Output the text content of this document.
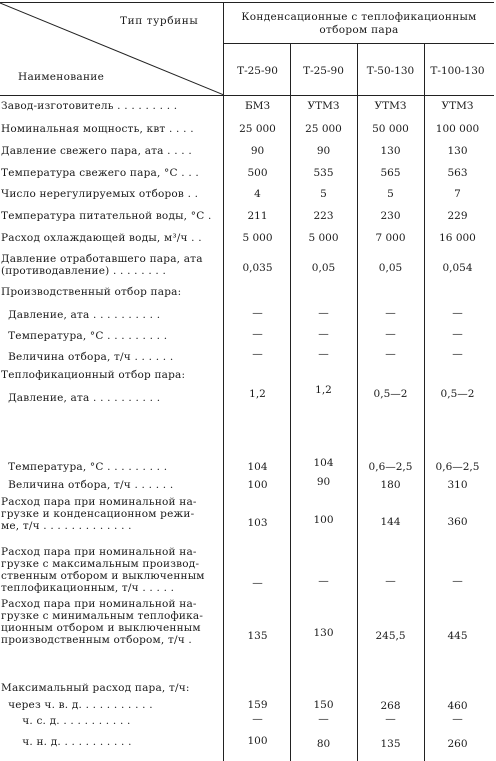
Тип турбины
Наименование
Конденсационные с теплофикационным
отбором пара
Т-25-90	Т-25-90	Т-50-130	Т-100-130
Завод-изготовитель . . . . . . . . .	БМЗ	УТМЗ	УТМЗ	УТМЗ
Номинальная мощность, квт . . . .	25 000	25 000	50 000	100 000
Давление свежего пара, ата . . . .	90	90	130	130
Температура свежего пара, °С . . .	500	535	565	563
Число нерегулируемых отборов . .	4	5	5	7
Температура питательной воды, °С .	211	223	230	229
Расход охлаждающей воды, м³/ч . .	5 000	5 000	7 000	16 000
Давление отработавшего пара, ата
(противодавление) . . . . . . . .	0,035	0,05	0,05	0,054
Производственный отбор пара:
Давление, ата . . . . . . . . . .	—	—	—	—
Температура, °С . . . . . . . . .	—	—	—	—
Величина отбора, т/ч . . . . . .	—	—	—	—
Теплофикационный отбор пара:
Давление, ата . . . . . . . . . .	1,2	1,2	0,5—2	0,5—2
Температура, °С . . . . . . . . .	104	104	0,6—2,5	0,6—2,5
Величина отбора, т/ч . . . . . .	100	90	180	310
Расход пара при номинальной на-
грузке и конденсационном режи-
ме, т/ч . . . . . . . . . . . . .	103	100	144	360
Расход пара при номинальной на-
грузке с максимальным производ-
ственным отбором и выключенным
теплофикационным, т/ч . . . . .	—	—	—	—
Расход пара при номинальной на-
грузке с минимальным теплофика-
ционным отбором и выключенным
производственным отбором, т/ч .	135	130	245,5	445
Максимальный расход пара, т/ч:
через ч. в. д. . . . . . . . . . .	159	150	268	460
ч. с. д. . . . . . . . . . .	—	—	—	—
ч. н. д. . . . . . . . . . .	100	80	135	260
